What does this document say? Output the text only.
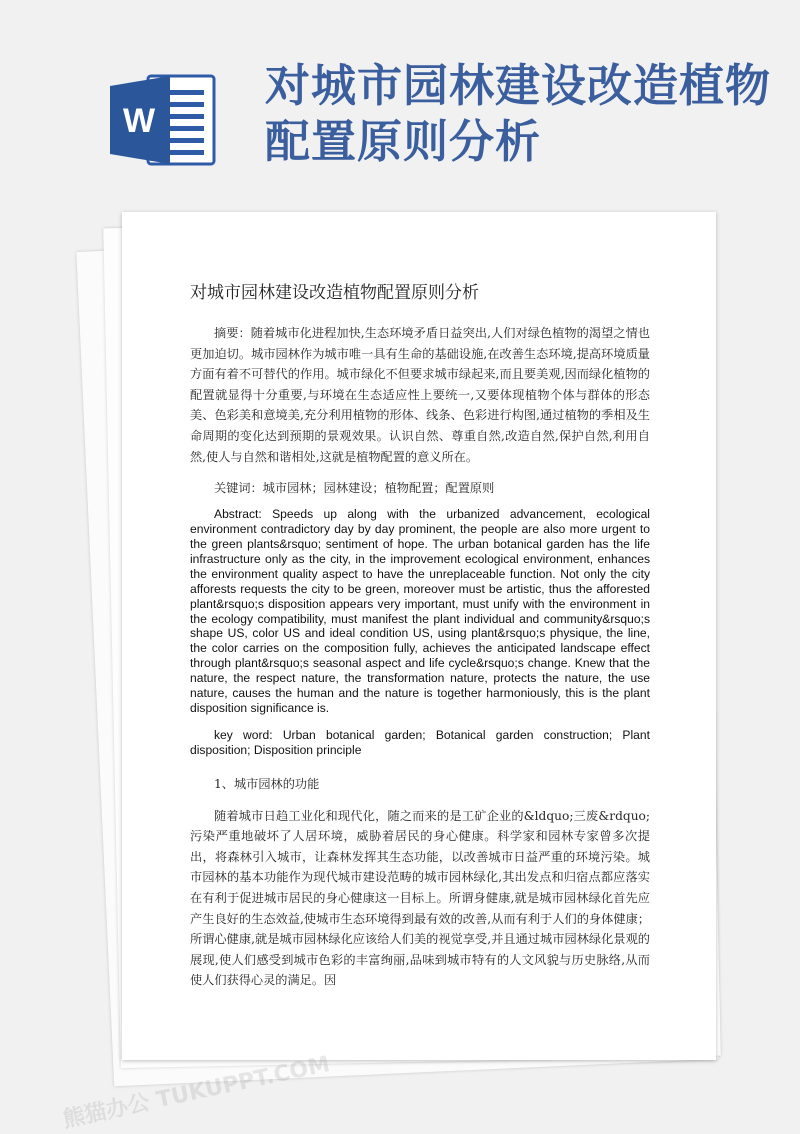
W
对城市园林建设改造植物配置原则分析
对城市园林建设改造植物配置原则分析

摘要：随着城市化进程加快,生态环境矛盾日益突出,人们对绿色植物的渴望之情也更加迫切。城市园林作为城市唯一具有生命的基础设施,在改善生态环境,提高环境质量方面有着不可替代的作用。城市绿化不但要求城市绿起来,而且要美观,因而绿化植物的配置就显得十分重要,与环境在生态适应性上要统一,又要体现植物个体与群体的形态美、色彩美和意境美,充分利用植物的形体、线条、色彩进行构图,通过植物的季相及生命周期的变化达到预期的景观效果。认识自然、尊重自然,改造自然,保护自然,利用自然,使人与自然和谐相处,这就是植物配置的意义所在。

关键词：城市园林；园林建设；植物配置；配置原则

Abstract: Speeds up along with the urbanized advancement, ecological environment contradictory day by day prominent, the people are also more urgent to the green plants&rsquo; sentiment of hope. The urban botanical garden has the life infrastructure only as the city, in the improvement ecological environment, enhances the environment quality aspect to have the unreplaceable function. Not only the city afforests requests the city to be green, moreover must be artistic, thus the afforested plant&rsquo;s disposition appears very important, must unify with the environment in the ecology compatibility, must manifest the plant individual and community&rsquo;s shape US, color US and ideal condition US, using plant&rsquo;s physique, the line, the color carries on the composition fully, achieves the anticipated landscape effect through plant&rsquo;s seasonal aspect and life cycle&rsquo;s change. Knew that the nature, the respect nature, the transformation nature, protects the nature, the use nature, causes the human and the nature is together harmoniously, this is the plant disposition significance is.

key word: Urban botanical garden; Botanical garden construction; Plant disposition; Disposition principle

1、城市园林的功能

随着城市日趋工业化和现代化，随之而来的是工矿企业的&ldquo;三废&rdquo;污染严重地破坏了人居环境，威胁着居民的身心健康。科学家和园林专家曾多次提出，将森林引入城市，让森林发挥其生态功能，以改善城市日益严重的环境污染。城市园林的基本功能作为现代城市建设范畴的城市园林绿化,其出发点和归宿点都应落实在有利于促进城市居民的身心健康这一目标上。所谓身健康,就是城市园林绿化首先应产生良好的生态效益,使城市生态环境得到最有效的改善,从而有利于人们的身体健康；所谓心健康,就是城市园林绿化应该给人们美的视觉享受,并且通过城市园林绿化景观的展现,使人们感受到城市色彩的丰富绚丽,品味到城市特有的人文风貌与历史脉络,从而使人们获得心灵的满足。因

熊猫办公 TUKUPPT.COM
